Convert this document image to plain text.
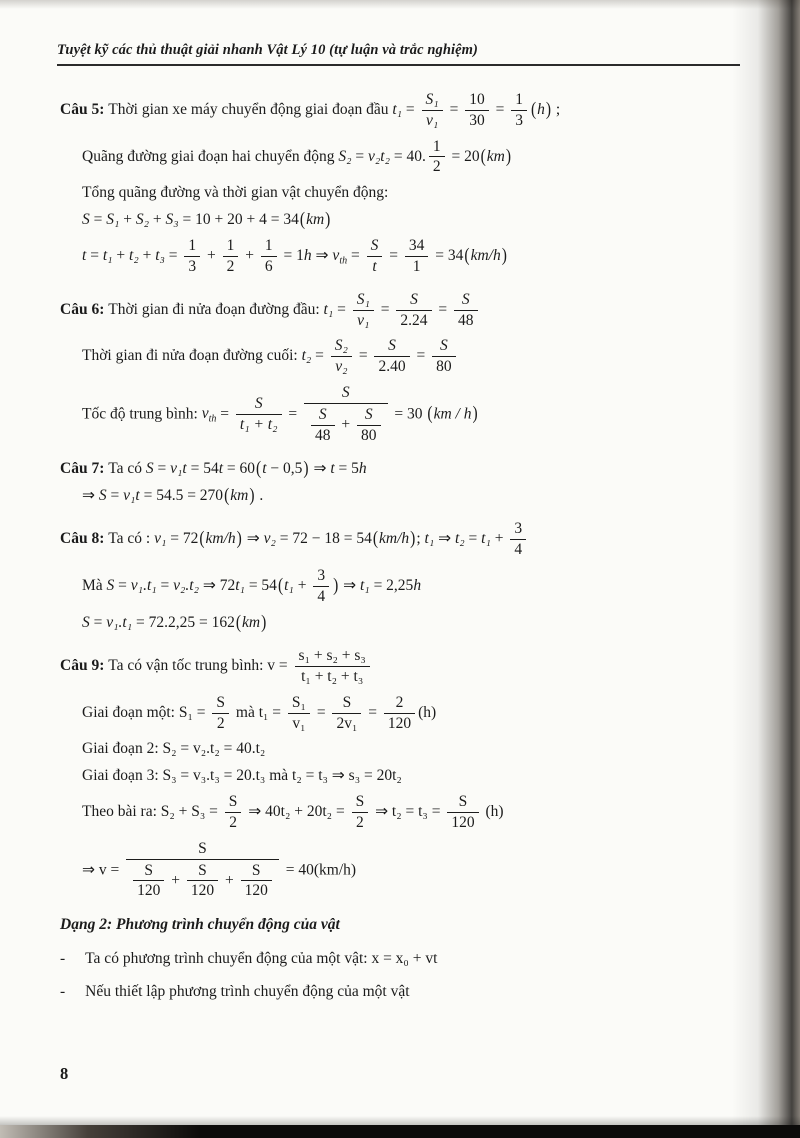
Tuyệt kỹ các thủ thuật giải nhanh Vật Lý 10 (tự luận và trắc nghiệm)
Câu 5: Thời gian xe máy chuyển động giai đoạn đầu $t_1 = \frac{\text{S₁}}{\text{v₁}} = \frac{10}{30} = \frac{1}{3} (h)$ ;
Quãng đường giai đoạn hai chuyển động S₂ = v₂t₂ = 40. $\frac{1}{2} = 20(km)$
Tổng quãng đường và thời gian vật chuyển động:
S = S₁ + S₂ + S₃ = 10 + 20 + 4 = 34(km)
$t = t_1 + t_2 + t_3 = \frac{1}{3} + \frac{1}{2} + \frac{1}{6} = 1h$ ⇒ $v_{th} = \frac{S}{t} = \frac{34}{1} = 34(km/h)$
Câu 6: Thời gian đi nửa đoạn đường đầu: $t_1 = \frac{\text{S₁}}{\text{v₁}} = \frac{S}{2.24} = \frac{S}{48}$
Thời gian đi nửa đoạn đường cuối: $t_2 = \frac{\text{S₂}}{\text{v₂}} = \frac{S}{2.40} = \frac{S}{80}$
Tốc độ trung bình: $v_{th} = \frac{S}{\text{t₁ + t₂}} = \frac{S}{\frac{S}{48} + \frac{S}{80}} = 30$ (km / h)
Câu 7: Ta có S = v₁t = 54t = 60(t − 0,5) ⇒ t = 5h
⇒ S = v₁t = 54.5 = 270(km) .
Câu 8: Ta có : v₁ = 72(km/h) ⇒ v₂ = 72 − 18 = 54(km/h); t₁ ⇒ $t_2 = t_1 + \frac{3}{4}$
Mà S = v₁.t₁ = v₂.t₂ ⇒ $72t_1 = 54(t_1 + \frac{3}{4}$ ) ⇒ t₁ = 2,25h
S = v₁.t₁ = 72.2,25 = 162(km)
Câu 9: Ta có vận tốc trung bình: $v = \frac{\text{s₁ + s₂ + s₃}}{\text{t₁ + t₂ + t₃}}$
Giai đoạn một: $S_1 = \frac{S}{2}$ mà $t_1 = \frac{\text{S₁}}{\text{v₁}} = \frac{S}{\text{2v₁}} = \frac{2}{120} (h)$
Giai đoạn 2: S₂ = v₂.t₂ = 40.t₂
Giai đoạn 3: S₃ = v₃.t₃ = 20.t₃ mà t₂ = t₃ ⇒ s₃ = 20t₂
Theo bài ra: $S_2 + S_3 = \frac{S}{2}$ ⇒ $40t_2 + 20t_2 = \frac{S}{2}$ ⇒ $t_2 = t_3 = \frac{S}{120} (h)$
⇒ $v = \frac{S}{\frac{S}{120} + \frac{S}{120} + \frac{S}{120}} = 40(km/h)$
Dạng 2: Phương trình chuyển động của vật
- Ta có phương trình chuyển động của một vật: x = x₀ + vt
- Nếu thiết lập phương trình chuyển động của một vật
8
